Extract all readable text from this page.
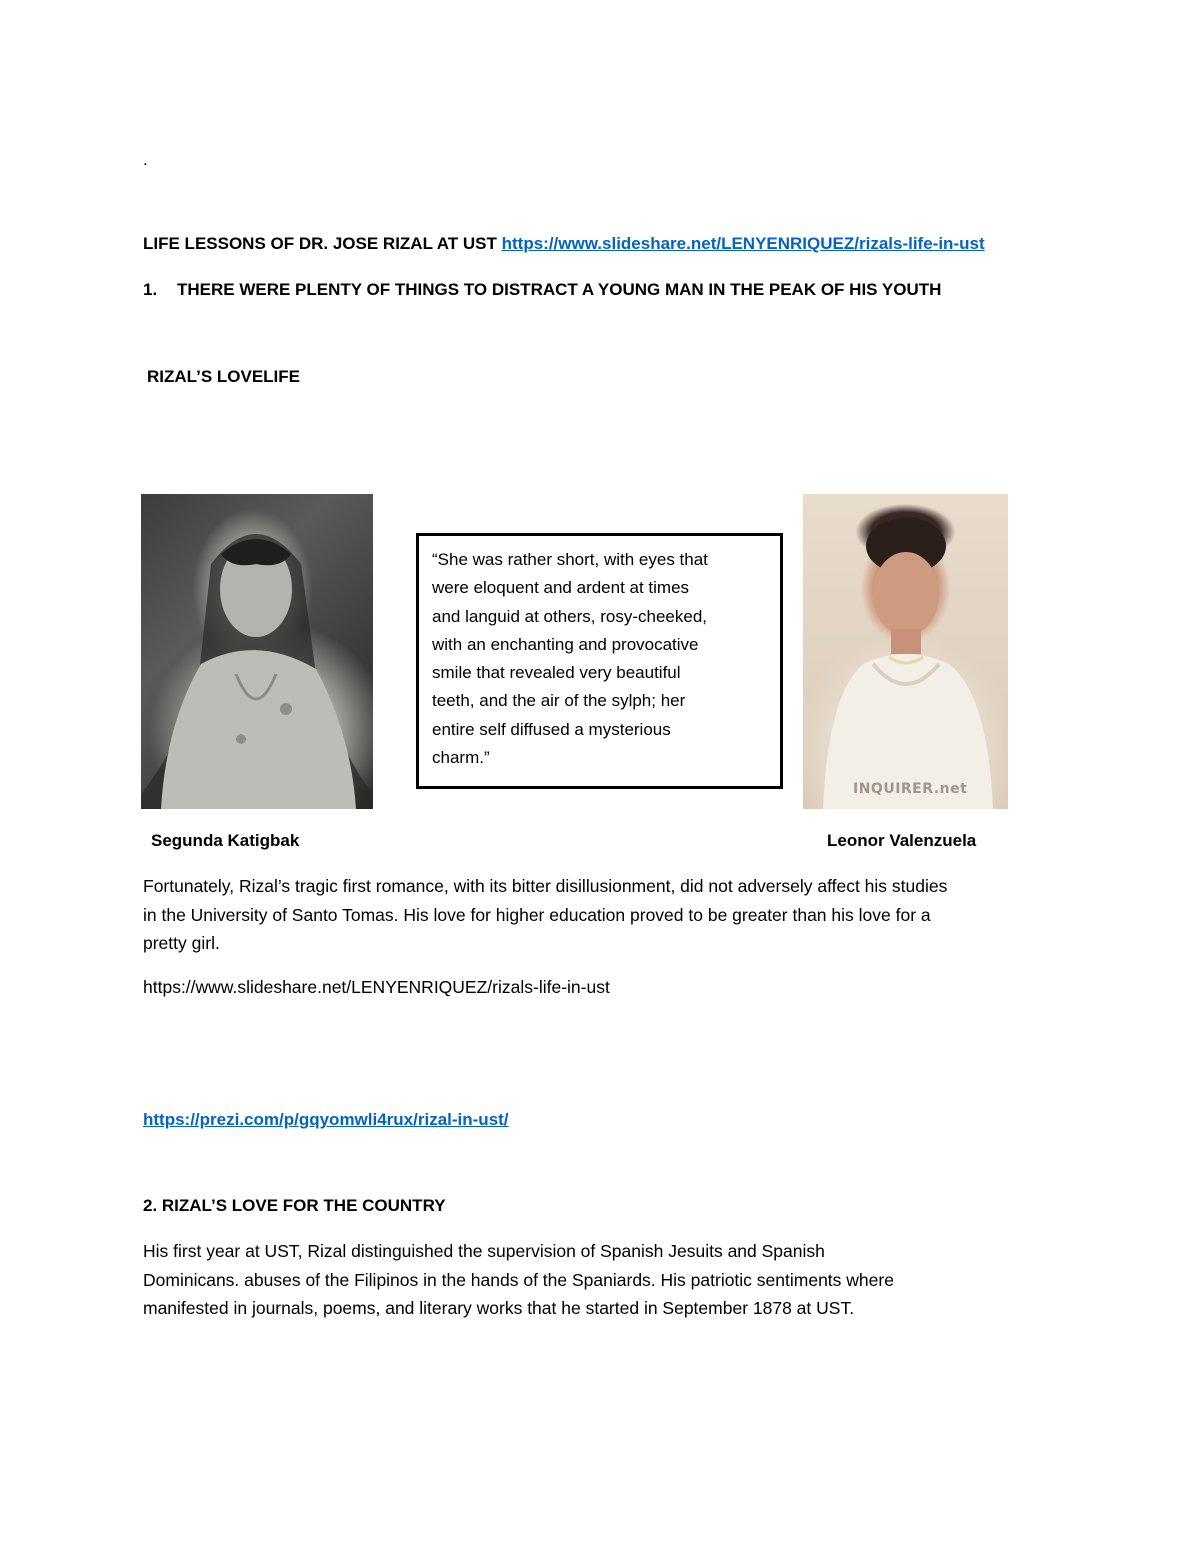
.
LIFE LESSONS OF DR. JOSE RIZAL AT UST https://www.slideshare.net/LENYENRIQUEZ/rizals-life-in-ust
1. THERE WERE PLENTY OF THINGS TO DISTRACT A YOUNG MAN IN THE PEAK OF HIS YOUTH
RIZAL’S LOVELIFE
“She was rather short, with eyes that
were eloquent and ardent at times
and languid at others, rosy-cheeked,
with an enchanting and provocative
smile that revealed very beautiful
teeth, and the air of the sylph; her
entire self diffused a mysterious
charm.”
INQUIRER.net
Segunda Katigbak	Leonor Valenzuela
Fortunately, Rizal’s tragic first romance, with its bitter disillusionment, did not adversely affect his studies
in the University of Santo Tomas. His love for higher education proved to be greater than his love for a
pretty girl.
https://www.slideshare.net/LENYENRIQUEZ/rizals-life-in-ust
https://prezi.com/p/gqyomwli4rux/rizal-in-ust/
2. RIZAL’S LOVE FOR THE COUNTRY
His first year at UST, Rizal distinguished the supervision of Spanish Jesuits and Spanish
Dominicans. abuses of the Filipinos in the hands of the Spaniards. His patriotic sentiments where
manifested in journals, poems, and literary works that he started in September 1878 at UST.
